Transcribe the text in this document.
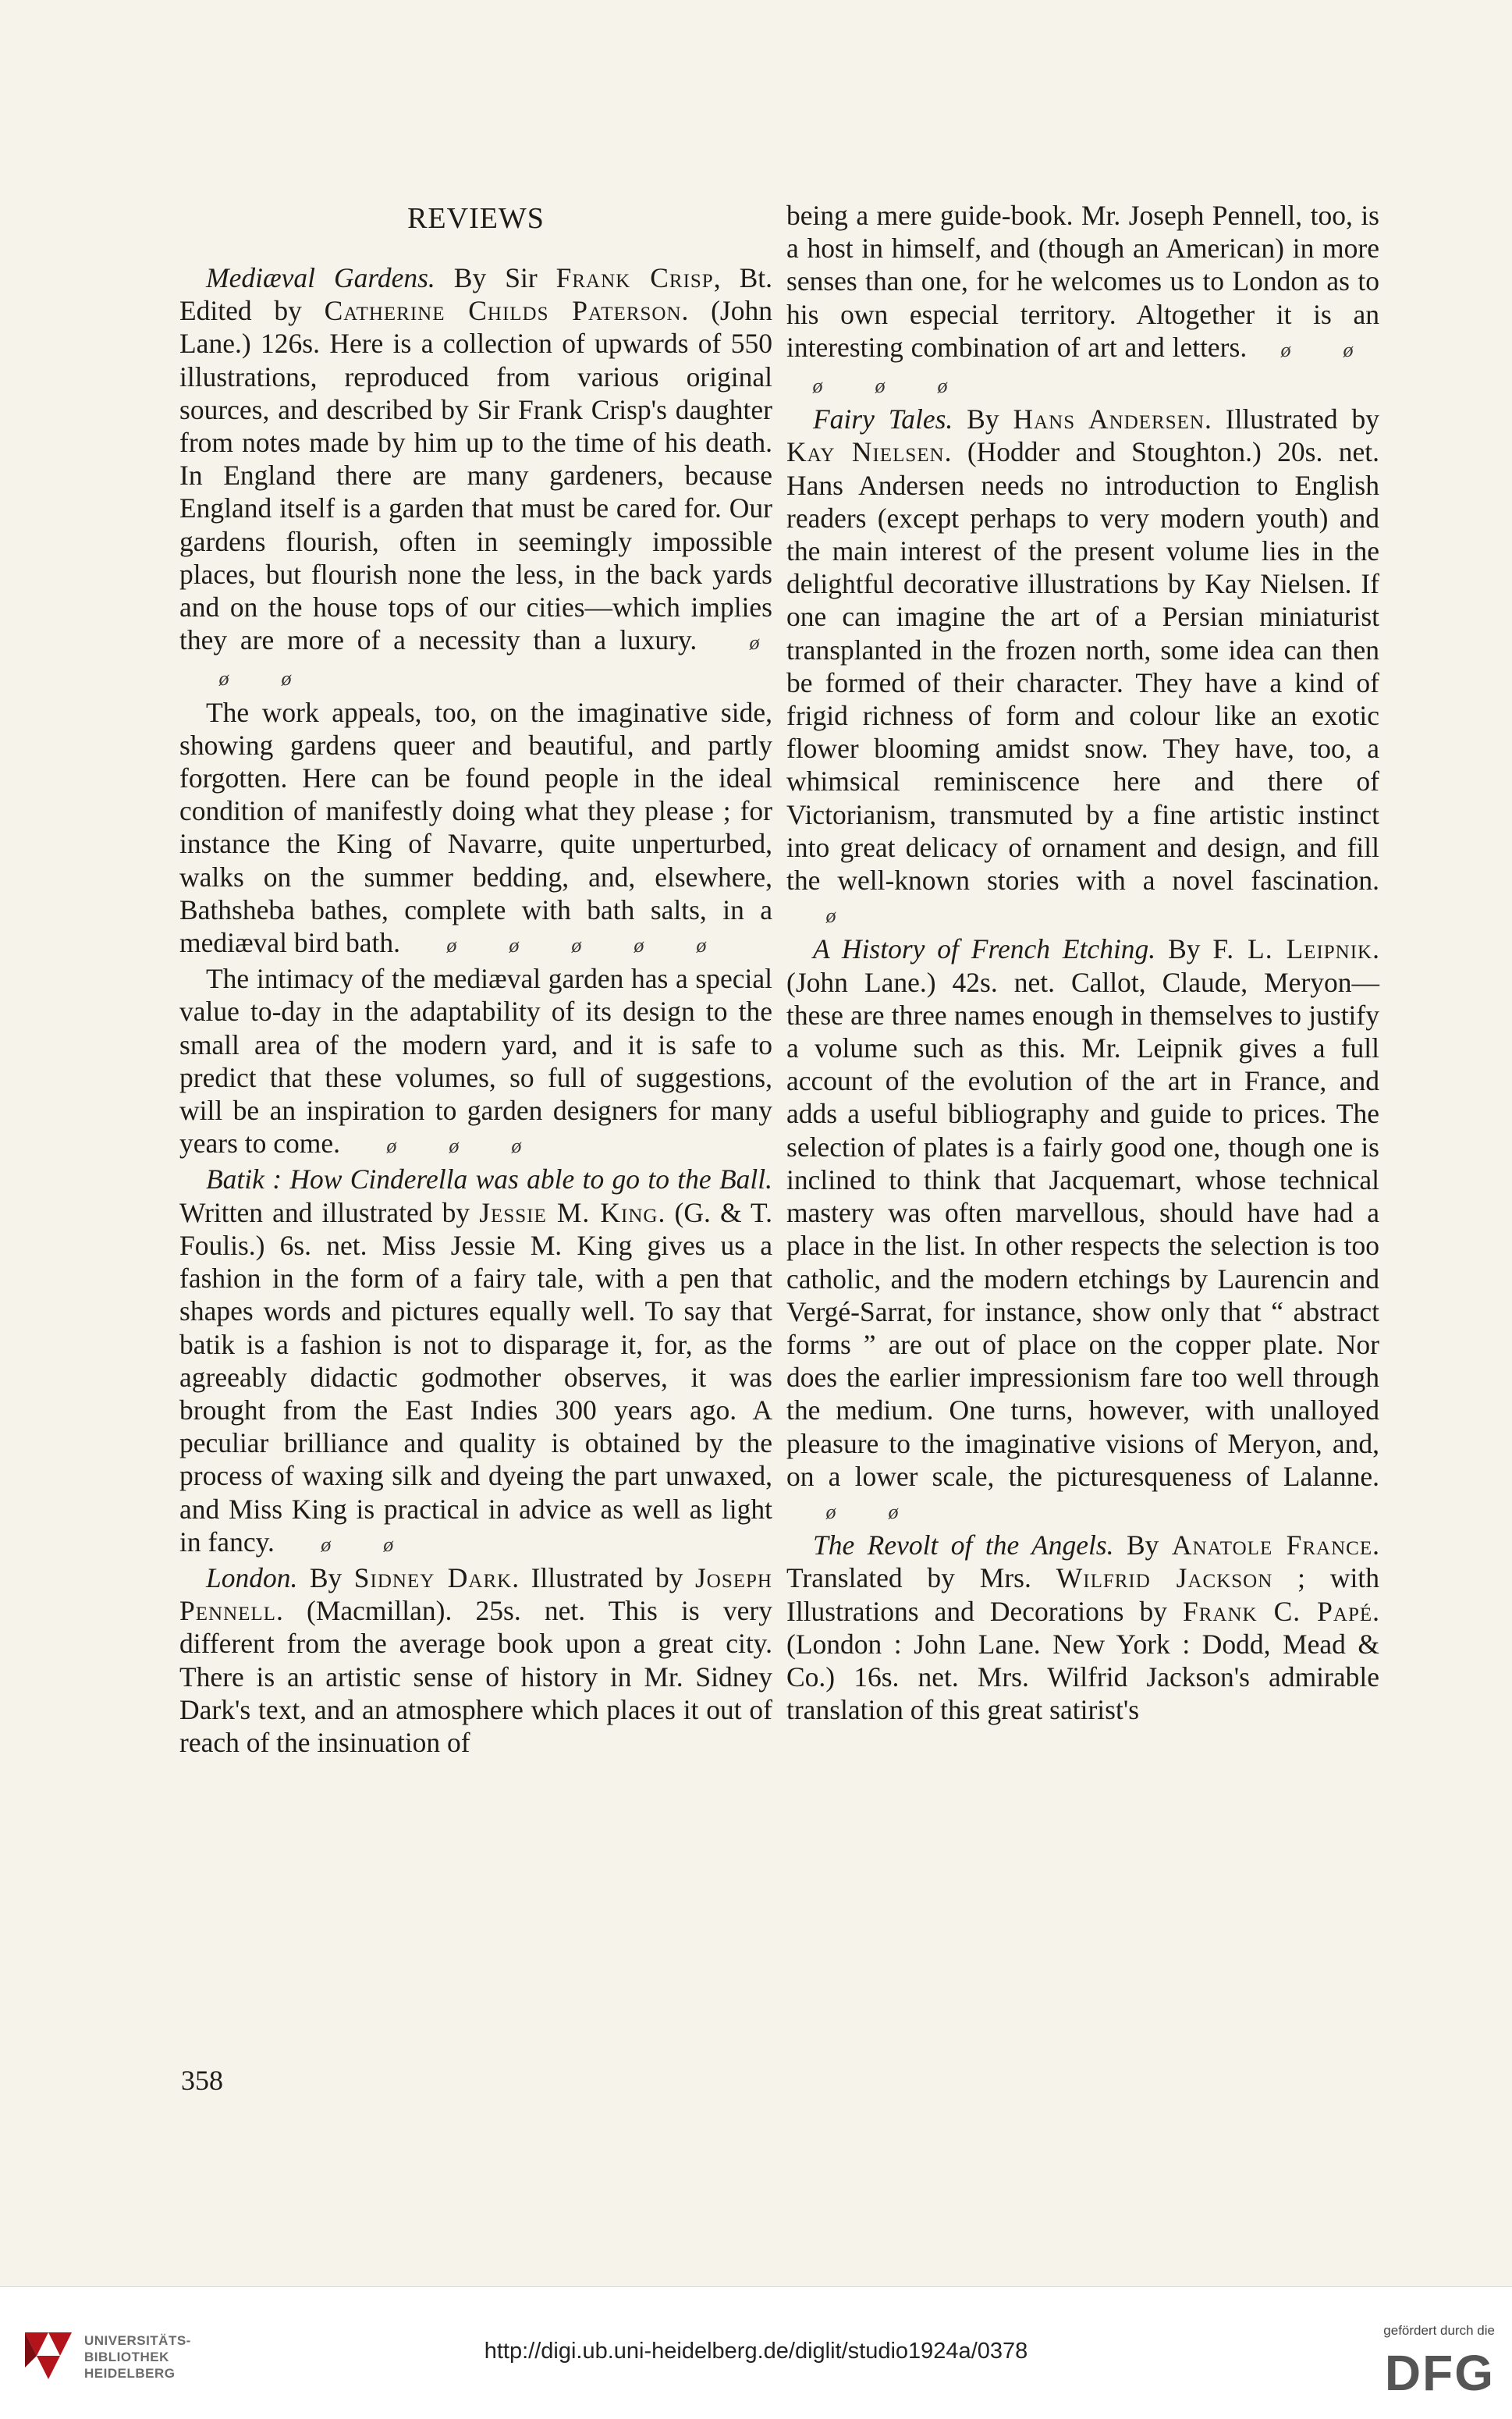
REVIEWS

Mediæval Gardens. By Sir Frank Crisp, Bt. Edited by Catherine Childs Paterson. (John Lane.) 126s. Here is a collection of upwards of 550 illustrations, reproduced from various original sources, and described by Sir Frank Crisp's daughter from notes made by him up to the time of his death. In England there are many gardeners, because England itself is a garden that must be cared for. Our gardens flourish, often in seemingly impossible places, but flourish none the less, in the back yards and on the house tops of our cities—which implies they are more of a necessity than a luxury.	øø	ø

The work appeals, too, on the imaginative side, showing gardens queer and beautiful, and partly forgotten. Here can be found people in the ideal condition of manifestly doing what they please ; for instance the King of Navarre, quite unperturbed, walks on the summer bedding, and, elsewhere, Bathsheba bathes, complete with bath salts, in a mediæval bird bath. ø	ø	ø	ø	ø

The intimacy of the mediæval garden has a special value to-day in the adaptability of its design to the small area of the modern yard, and it is safe to predict that these volumes, so full of suggestions, will be an inspiration to garden designers for many years to come. ø	ø	ø

Batik : How Cinderella was able to go to the Ball. Written and illustrated by Jessie M. King. (G. & T. Foulis.) 6s. net. Miss Jessie M. King gives us a fashion in the form of a fairy tale, with a pen that shapes words and pictures equally well. To say that batik is a fashion is not to disparage it, for, as the agreeably didactic godmother observes, it was brought from the East Indies 300 years ago. A peculiar brilliance and quality is obtained by the process of waxing silk and dyeing the part unwaxed, and Miss King is practical in advice as well as light in fancy. ø	ø

London. By Sidney Dark. Illustrated by Joseph Pennell. (Macmillan). 25s. net. This is very different from the average book upon a great city. There is an artistic sense of history in Mr. Sidney Dark's text, and an atmosphere which places it out of reach of the insinuation of

being a mere guide-book. Mr. Joseph Pennell, too, is a host in himself, and (though an American) in more senses than one, for he welcomes us to London as to his own especial territory. Altogether it is an interesting combination of art and letters. ø	øø	ø	ø

Fairy Tales. By Hans Andersen. Illustrated by Kay Nielsen. (Hodder and Stoughton.) 20s. net. Hans Andersen needs no introduction to English readers (except perhaps to very modern youth) and the main interest of the present volume lies in the delightful decorative illustrations by Kay Nielsen. If one can imagine the art of a Persian miniaturist transplanted in the frozen north, some idea can then be formed of their character. They have a kind of frigid richness of form and colour like an exotic flower blooming amidst snow. They have, too, a whimsical reminiscence here and there of Victorianism, transmuted by a fine artistic instinct into great delicacy of ornament and design, and fill the well-known stories with a novel fascination. ø

A History of French Etching. By F. L. Leipnik. (John Lane.) 42s. net. Callot, Claude, Meryon—these are three names enough in themselves to justify a volume such as this. Mr. Leipnik gives a full account of the evolution of the art in France, and adds a useful bibliography and guide to prices. The selection of plates is a fairly good one, though one is inclined to think that Jacquemart, whose technical mastery was often marvellous, should have had a place in the list. In other respects the selection is too catholic, and the modern etchings by Laurencin and Vergé-Sarrat, for instance, show only that “ abstract forms ” are out of place on the copper plate. Nor does the earlier impressionism fare too well through the medium. One turns, however, with unalloyed pleasure to the imaginative visions of Meryon, and, on a lower scale, the picturesqueness of Lalanne. ø	ø

The Revolt of the Angels. By Anatole France. Translated by Mrs. Wilfrid Jackson ; with Illustrations and Decorations by Frank C. Papé. (London : John Lane. New York : Dodd, Mead & Co.) 16s. net. Mrs. Wilfrid Jackson's admirable translation of this great satirist's

358
UNIVERSITÄTS-
BIBLIOTHEK
HEIDELBERG
http://digi.ub.uni-heidelberg.de/diglit/studio1924a/0378
gefördert durch die
DFG
